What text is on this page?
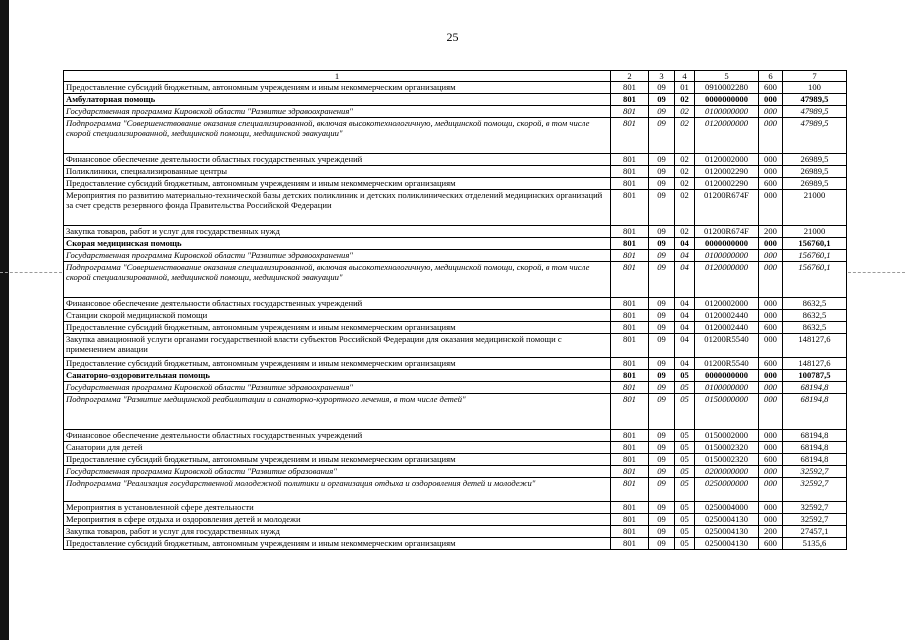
25
1	2	3	4	5	6	7
Предоставление субсидий бюджетным, автономным учреждениям и иным некоммерческим организациям	801	09	01	0910002280	600	100
Амбулаторная помощь	801	09	02	0000000000	000	47989,5
Государственная программа Кировской области "Развитие здравоохранения"	801	09	02	0100000000	000	47989,5
Подпрограмма "Совершенствование оказания специализированной, включая высокотехнологичную, медицинской помощи, скорой, в том числе скорой специализированной, медицинской помощи, медицинской эвакуации"	801	09	02	0120000000	000	47989,5
Финансовое обеспечение деятельности областных государственных учреждений	801	09	02	0120002000	000	26989,5
Поликлиники, специализированные центры	801	09	02	0120002290	000	26989,5
Предоставление субсидий бюджетным, автономным учреждениям и иным некоммерческим организациям	801	09	02	0120002290	600	26989,5
Мероприятия по развитию материально-технической базы детских поликлиник и детских поликлинических отделений медицинских организаций за счет средств резервного фонда Правительства Российской Федерации	801	09	02	01200R674F	000	21000
Закупка товаров, работ и услуг для государственных нужд	801	09	02	01200R674F	200	21000
Скорая медицинская помощь	801	09	04	0000000000	000	156760,1
Государственная программа Кировской области "Развитие здравоохранения"	801	09	04	0100000000	000	156760,1
Подпрограмма "Совершенствование оказания специализированной, включая высокотехнологичную, медицинской помощи, скорой, в том числе скорой специализированной, медицинской помощи, медицинской эвакуации"	801	09	04	0120000000	000	156760,1
Финансовое обеспечение деятельности областных государственных учреждений	801	09	04	0120002000	000	8632,5
Станции скорой медицинской помощи	801	09	04	0120002440	000	8632,5
Предоставление субсидий бюджетным, автономным учреждениям и иным некоммерческим организациям	801	09	04	0120002440	600	8632,5
Закупка авиационной услуги органами государственной власти субъектов Российской Федерации для оказания медицинской помощи с применением авиации	801	09	04	01200R5540	000	148127,6
Предоставление субсидий бюджетным, автономным учреждениям и иным некоммерческим организациям	801	09	04	01200R5540	600	148127,6
Санаторно-оздоровительная помощь	801	09	05	0000000000	000	100787,5
Государственная программа Кировской области "Развитие здравоохранения"	801	09	05	0100000000	000	68194,8
Подпрограмма "Развитие медицинской реабилитации и санаторно-курортного лечения, в том числе детей"	801	09	05	0150000000	000	68194,8
Финансовое обеспечение деятельности областных государственных учреждений	801	09	05	0150002000	000	68194,8
Санатории для детей	801	09	05	0150002320	000	68194,8
Предоставление субсидий бюджетным, автономным учреждениям и иным некоммерческим организациям	801	09	05	0150002320	600	68194,8
Государственная программа Кировской области "Развитие образования"	801	09	05	0200000000	000	32592,7
Подпрограмма "Реализация государственной молодежной политики и организация отдыха и оздоровления детей и молодежи"	801	09	05	0250000000	000	32592,7
Мероприятия в установленной сфере деятельности	801	09	05	0250004000	000	32592,7
Мероприятия в сфере отдыха и оздоровления детей и молодежи	801	09	05	0250004130	000	32592,7
Закупка товаров, работ и услуг для государственных нужд	801	09	05	0250004130	200	27457,1
Предоставление субсидий бюджетным, автономным учреждениям и иным некоммерческим организациям	801	09	05	0250004130	600	5135,6
